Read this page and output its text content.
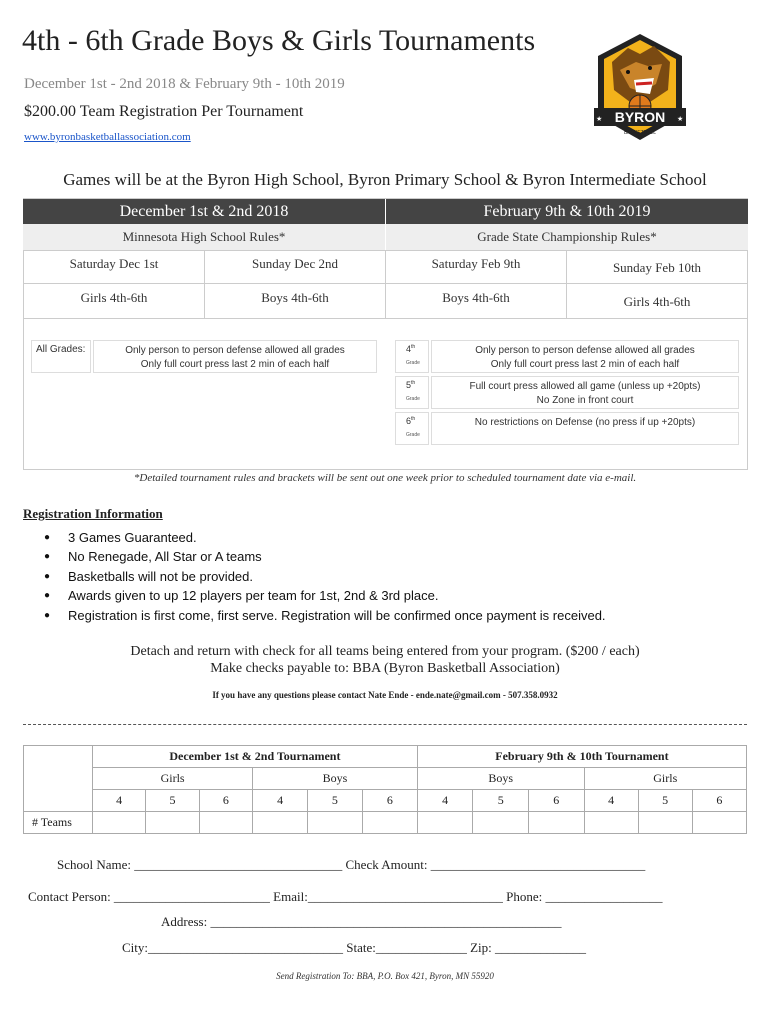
4th - 6th Grade Boys & Girls Tournaments
December 1st - 2nd 2018 & February 9th - 10th 2019
$200.00 Team Registration Per Tournament
www.byronbasketballassociation.com
BYRON
BASKETBALL
★	★
Games will be at the Byron High School, Byron Primary School & Byron Intermediate School
December 1st & 2nd 2018	February 9th & 10th 2019
Minnesota High School Rules*	Grade State Championship Rules*
Saturday Dec 1st	Sunday Dec 2nd	Saturday Feb 9th	Sunday Feb 10th
Girls 4th-6th	Boys 4th-6th	Boys 4th-6th	Girls 4th-6th
All Grades:	Only person to person defense allowed all grades
Only full court press last 2 min of each half
4th
Grade
Only person to person defense allowed all grades
Only full court press last 2 min of each half
5th
Grade
Full court press allowed all game (unless up +20pts)
No Zone in front court
6th
Grade
No restrictions on Defense (no press if up +20pts)
*Detailed tournament rules and brackets will be sent out one week prior to scheduled tournament date via e-mail.
Registration Information
● 3 Games Guaranteed.
● No Renegade, All Star or A teams
● Basketballs will not be provided.
● Awards given to up 12 players per team for 1st, 2nd & 3rd place.
● Registration is first come, first serve. Registration will be confirmed once payment is received.
Detach and return with check for all teams being entered from your program. ($200 / each)
Make checks payable to: BBA (Byron Basketball Association)
If you have any questions please contact Nate Ende - ende.nate@gmail.com - 507.358.0932
	December 1st & 2nd Tournament						February 9th & 10th Tournament					
	Girls			Boys			Boys			Girls		
	4	5	6	4	5	6	4	5	6	4	5	6
# Teams												
School Name: ________________________________ Check Amount: _________________________________
Contact Person: ________________________ Email:______________________________ Phone: __________________
Address: ______________________________________________________
City:______________________________ State:______________ Zip: ______________
Send Registration To: BBA, P.O. Box 421, Byron, MN 55920
